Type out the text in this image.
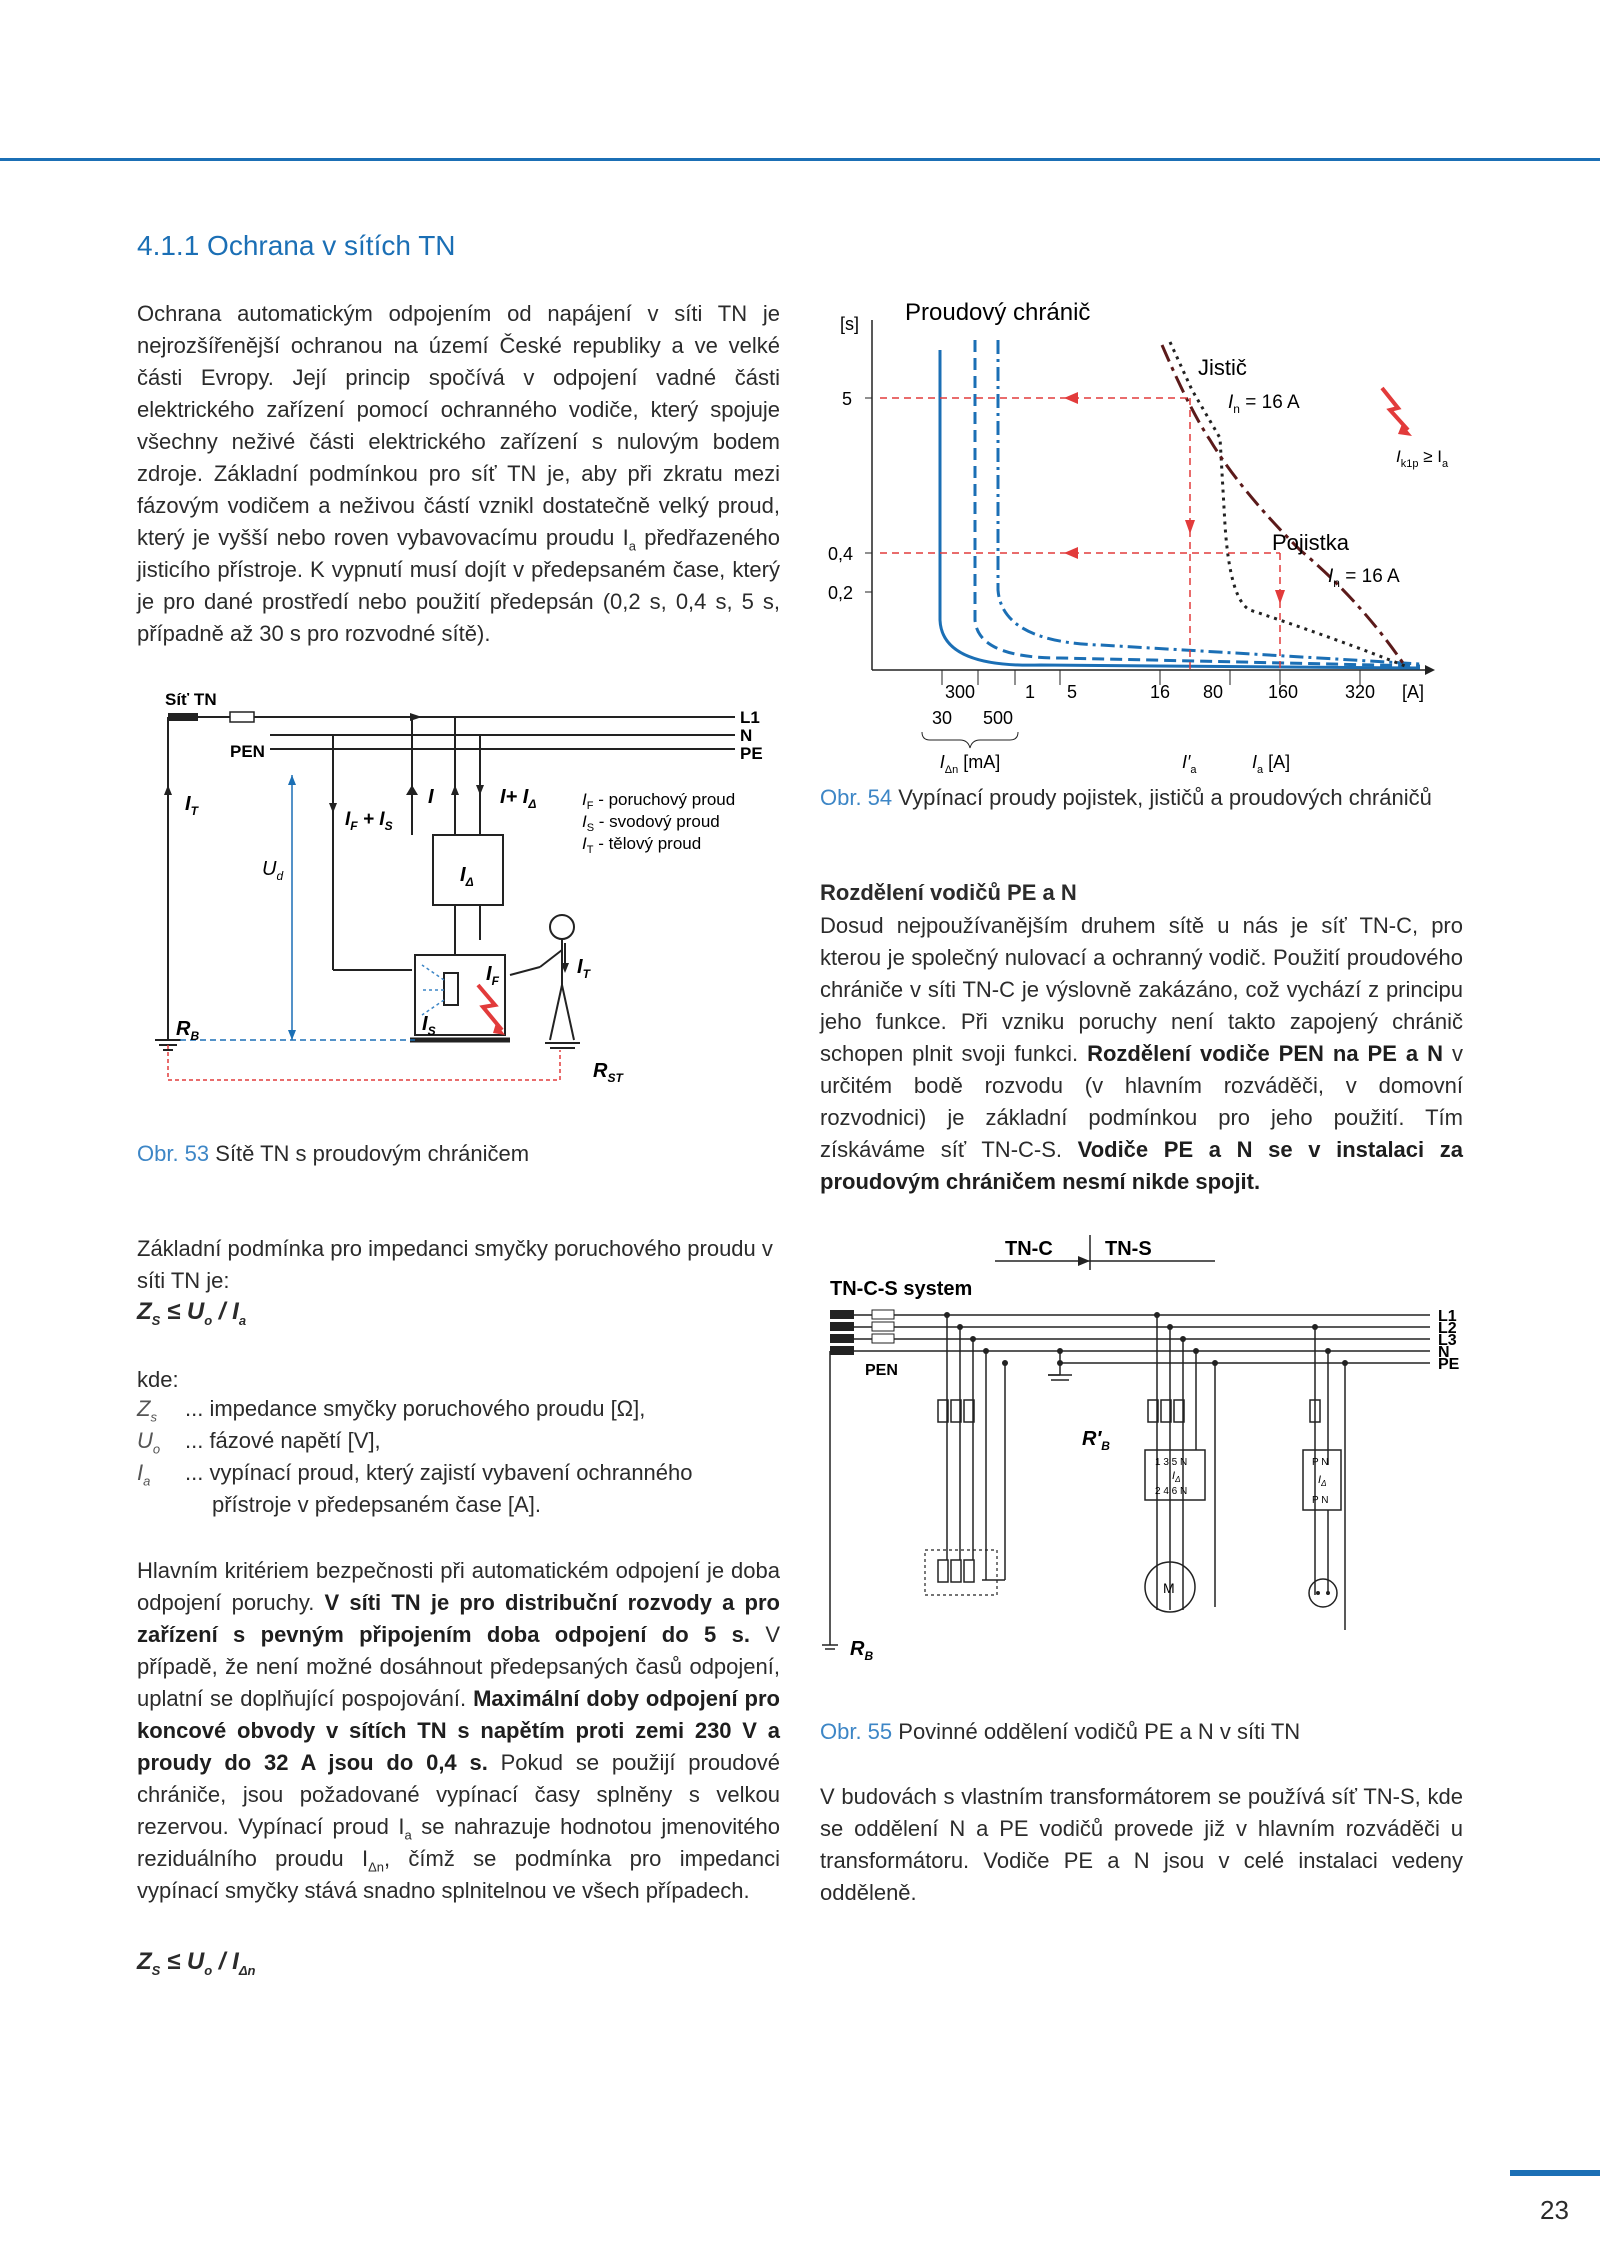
4.1.1 Ochrana v sítích TN
Ochrana automatickým odpojením od napájení v síti TN je nejrozšířenější ochranou na území České republiky a ve velké části Evropy. Její princip spočívá v odpojení vadné části elektrického zařízení pomocí ochranného vodiče, který spojuje všechny neživé části elektrického zařízení s nulovým bodem zdroje. Základní podmínkou pro síť TN je, aby při zkratu mezi fázovým vodičem a neživou částí vznikl dostatečně velký proud, který je vyšší nebo roven vybavovacímu proudu $I_a$ předřazeného jisticího přístroje. K vypnutí musí dojít v předepsaném čase, který je pro dané prostředí nebo použití předepsán (0,2 s, 0,4 s, 5 s, případně až 30 s pro rozvodné sítě).
Síť TN
PEN
L1
N
PE
$I_T$
$U_d$
$I_F + I_S$
I	$I+ I_\Delta$
$I_\Delta$
$I_F$
$I_S$
$I_T$
$R_B$
$R_{ST}$
$I_F$ - poruchový proud
$I_S$ - svodový proud
$I_T$ - tělový proud
Obr. 53 Sítě TN s proudovým chráničem
Základní podmínka pro impedanci smyčky poruchového proudu v síti TN je:
$Z_S \le U_o / I_a$
kde:
$Z_s$ ... impedance smyčky poruchového proudu [Ω],
$U_o$ ... fázové napětí [V],
$I_a$ ... vypínací proud, který zajistí vybavení ochranného
přístroje v předepsaném čase [A].
Hlavním kritériem bezpečnosti při automatickém odpojení je doba odpojení poruchy. V síti TN je pro distribuční rozvody a pro zařízení s pevným připojením doba odpojení do 5 s. V případě, že není možné dosáhnout předepsaných časů odpojení, uplatní se doplňující pospojování. Maximální doby odpojení pro koncové obvody v sítích TN s napětím proti zemi 230 V a proudy do 32 A jsou do 0,4 s. Pokud se použijí proudové chrániče, jsou požadované vypínací časy splněny s velkou rezervou. Vypínací proud $I_a$ se nahrazuje hodnotou jmenovitého reziduálního proudu $I_{\Delta n}$, čímž se podmínka pro impedanci vypínací smyčky stává snadno splnitelnou ve všech případech.
$Z_S \le U_o / I_{\Delta n}$
[s] Proudový chránič
Jistič
$I_n = 16$ A
Pojistka
$I_n = 16$ A
$I_{k1p} \ge I_a$
5
0,4
0,2
300	1 5	16 80 160	320 [A]
30 500
$I_{\Delta n}$ [mA]	$I'_a$	$I_a$ [A]
Obr. 54 Vypínací proudy pojistek, jističů a proudových chráničů
Rozdělení vodičů PE a N
Dosud nejpoužívanějším druhem sítě u nás je síť TN-C, pro kterou je společný nulovací a ochranný vodič. Použití proudového chrániče v síti TN-C je výslovně zakázáno, což vychází z principu jeho funkce. Při vzniku poruchy není takto zapojený chránič schopen plnit svoji funkci. Rozdělení vodiče PEN na PE a N v určitém bodě rozvodu (v hlavním rozváděči, v domovní rozvodnici) je základní podmínkou pro jeho použití. Tím získáváme síť TN-C-S. Vodiče PE a N se v instalaci za proudovým chráničem nesmí nikde spojit.
TN-C	TN-S
TN-C-S system
L1
L2
L3
N
PE
PEN
$R'_B$
$R_B$
M
1 3 5 N
$I_\Delta$
2 4 6 N
P N
$I_\Delta$
P N
Obr. 55 Povinné oddělení vodičů PE a N v síti TN
V budovách s vlastním transformátorem se používá síť TN-S, kde se oddělení N a PE vodičů provede již v hlavním rozváděči u transformátoru. Vodiče PE a N jsou v celé instalaci vedeny odděleně.
23
